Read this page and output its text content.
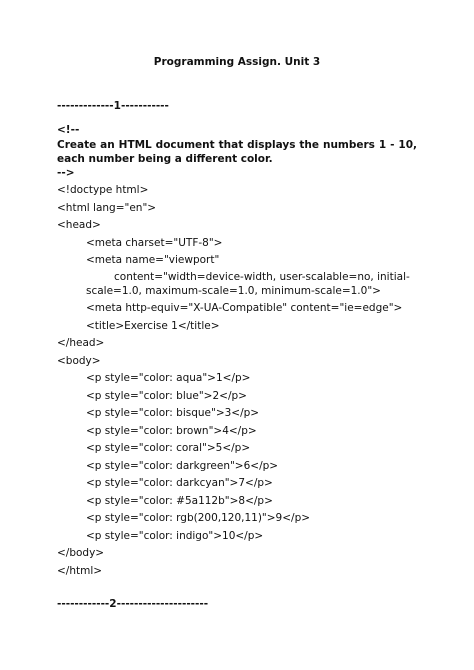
Programming Assign. Unit 3
-------------1-----------
<!--
Create an HTML document that displays the numbers 1 - 10, each number being a different color.
-->
<!doctype html>
<html lang="en">
<head>
<meta charset="UTF-8">
<meta name="viewport"
content="width=device-width, user-scalable=no, initial-scale=1.0, maximum-scale=1.0, minimum-scale=1.0">
<meta http-equiv="X-UA-Compatible" content="ie=edge">
<title>Exercise 1</title>
</head>
<body>
<p style="color: aqua">1</p>
<p style="color: blue">2</p>
<p style="color: bisque">3</p>
<p style="color: brown">4</p>
<p style="color: coral">5</p>
<p style="color: darkgreen">6</p>
<p style="color: darkcyan">7</p>
<p style="color: #5a112b">8</p>
<p style="color: rgb(200,120,11)">9</p>
<p style="color: indigo">10</p>
</body>
</html>
------------2---------------------
